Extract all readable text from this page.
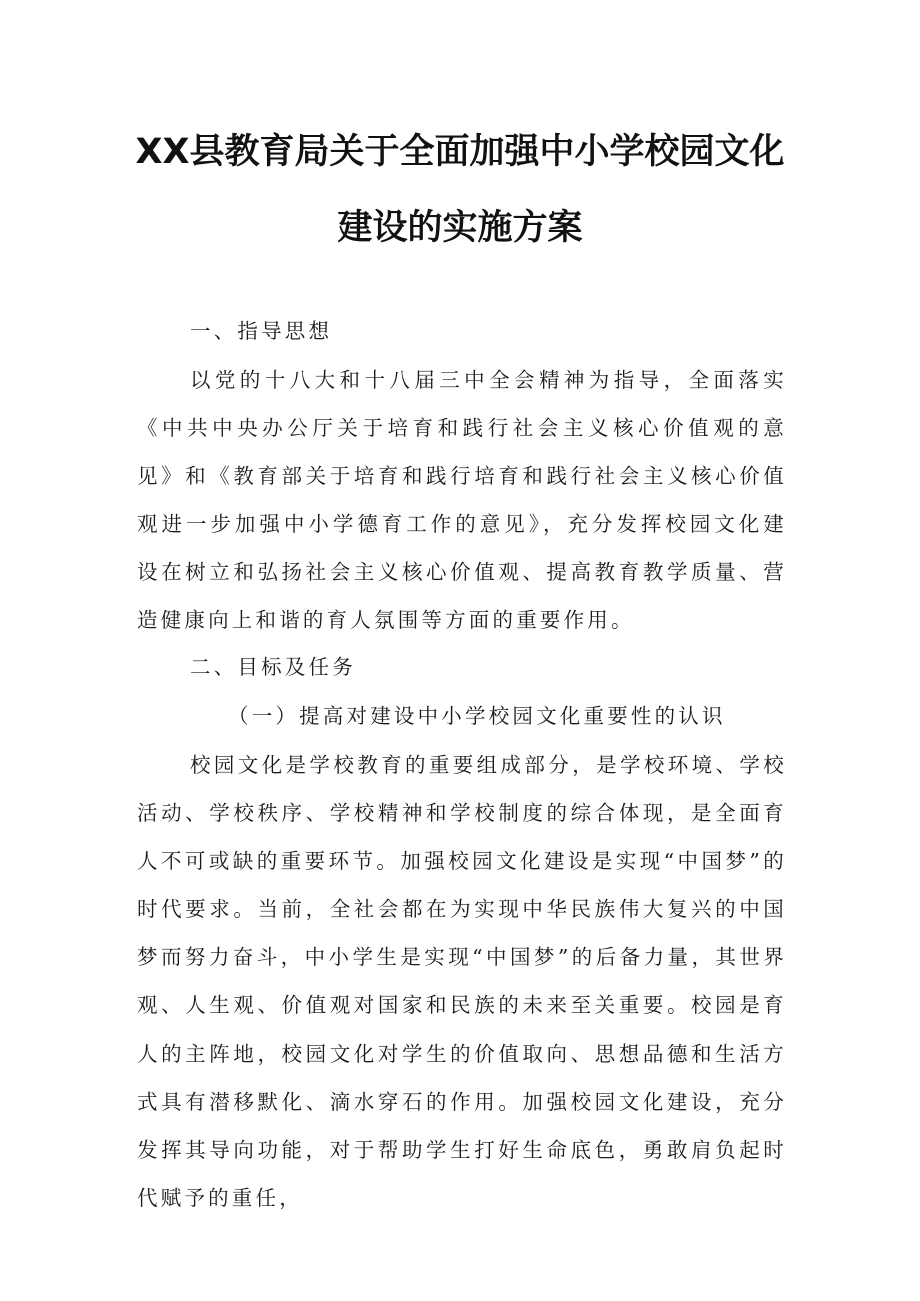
XX县教育局关于全面加强中小学校园文化
建设的实施方案

一、指导思想

以党的十八大和十八届三中全会精神为指导，全面落实《中共中央办公厅关于培育和践行社会主义核心价值观的意见》和《教育部关于培育和践行培育和践行社会主义核心价值观进一步加强中小学德育工作的意见》，充分发挥校园文化建设在树立和弘扬社会主义核心价值观、提高教育教学质量、营造健康向上和谐的育人氛围等方面的重要作用。

二、目标及任务

（一）提高对建设中小学校园文化重要性的认识

校园文化是学校教育的重要组成部分，是学校环境、学校活动、学校秩序、学校精神和学校制度的综合体现，是全面育人不可或缺的重要环节。加强校园文化建设是实现“中国梦”的时代要求。当前，全社会都在为实现中华民族伟大复兴的中国梦而努力奋斗，中小学生是实现“中国梦”的后备力量，其世界观、人生观、价值观对国家和民族的未来至关重要。校园是育人的主阵地，校园文化对学生的价值取向、思想品德和生活方式具有潜移默化、滴水穿石的作用。加强校园文化建设，充分发挥其导向功能，对于帮助学生打好生命底色，勇敢肩负起时代赋予的重任，
